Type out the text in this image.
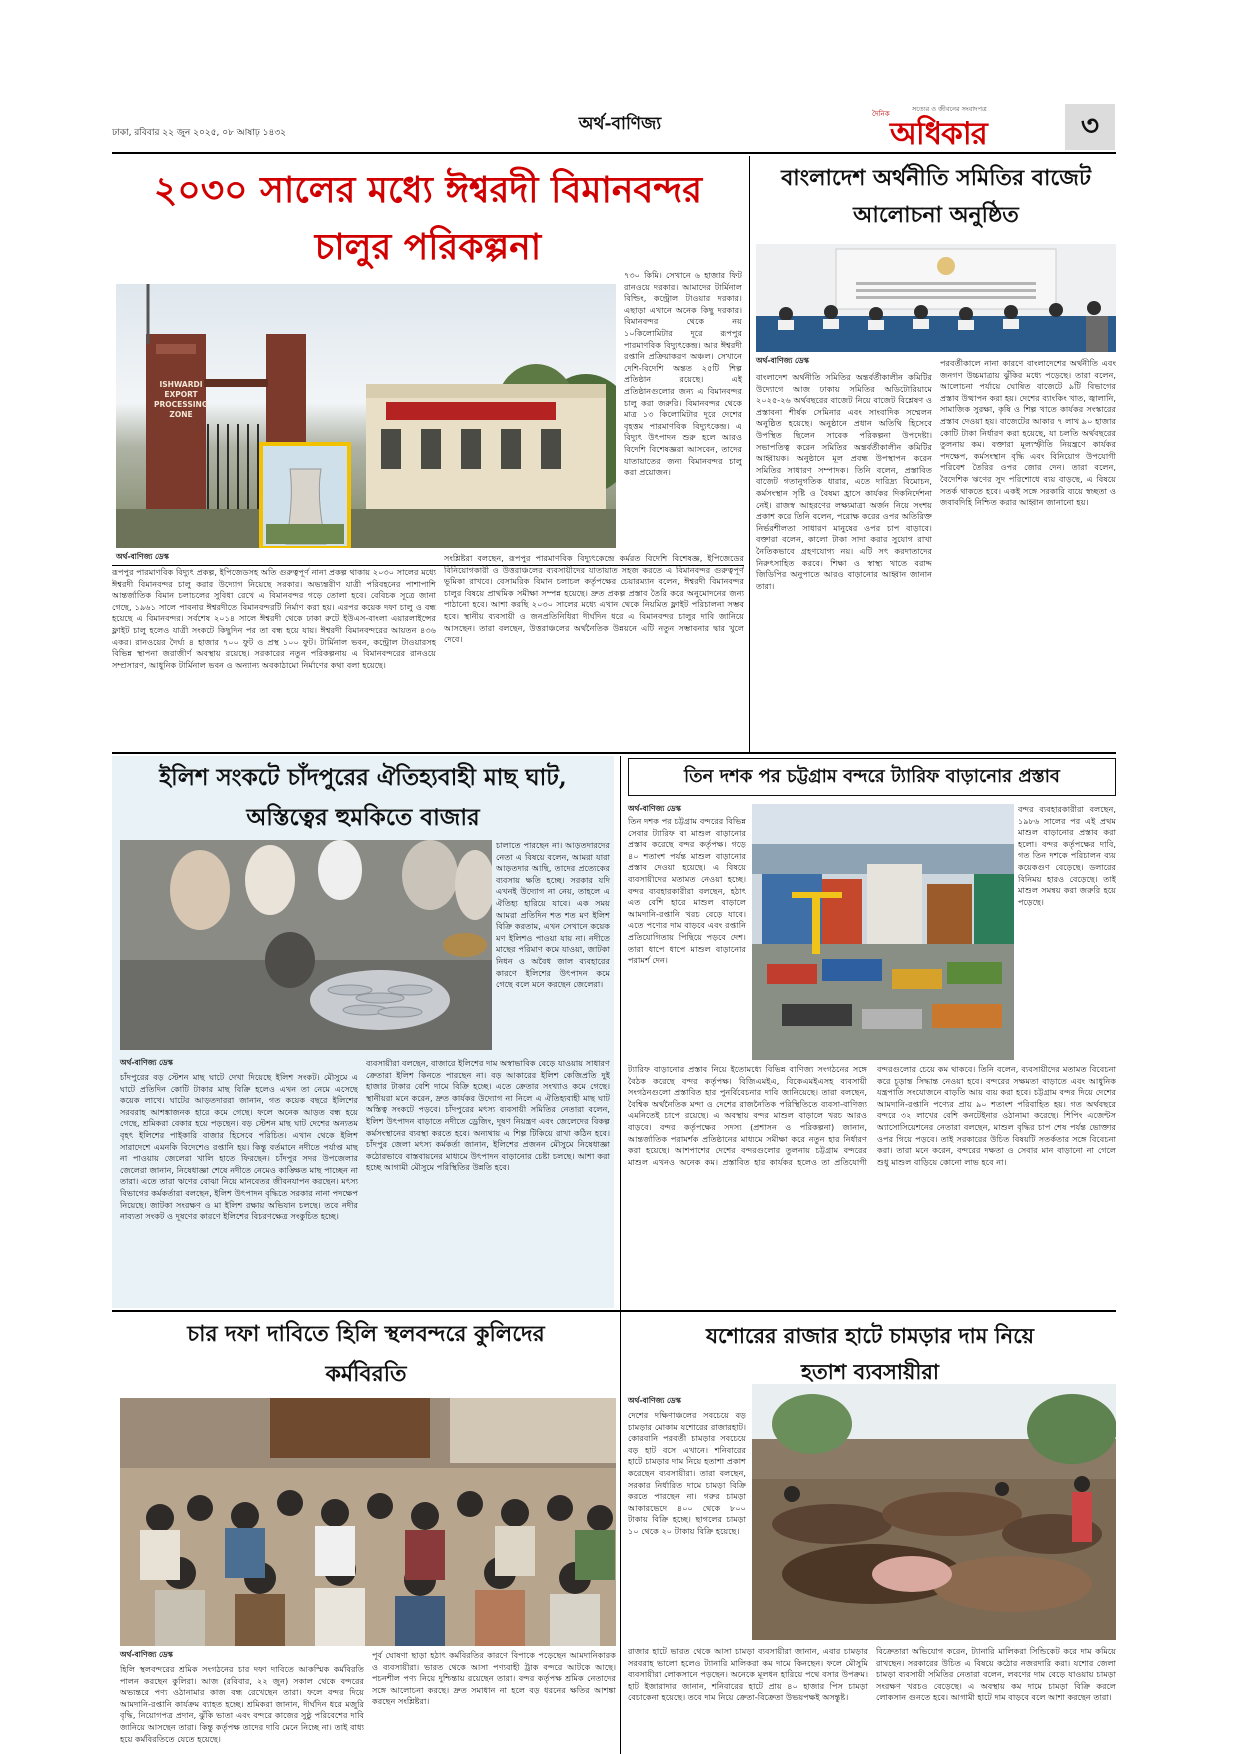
ঢাকা, রবিবার ২২ জুন ২০২৫, ০৮ আষাঢ় ১৪৩২	অর্থ-বাণিজ্য	দৈনিক
সত্যের ও জীবনের সংবাদপত্র
অধিকার	৩
২০৩০ সালের মধ্যে ঈশ্বরদী বিমানবন্দর
চালুর পরিকল্পনা
ISHWARDI
EXPORT PROCESSING
ZONE
অর্থ-বাণিজ্য ডেস্ক
৭৩০ কিমি। সেখানে ৬ হাজার ফিট রানওয়ে দরকার। আমাদের টার্মিনাল বিল্ডিং, কন্ট্রোল টাওয়ার দরকার। এছাড়া এখানে অনেক কিছু দরকার। বিমানবন্দর থেকে নয় ১০কিলোমিটার দূরে রূপপুর পারমাণবিক বিদ্যুৎকেন্দ্র। আর ঈশ্বরদী রপ্তানি প্রক্রিয়াকরণ অঞ্চল। সেখানে দেশি-বিদেশি অন্তত ২৫টি শিল্প প্রতিষ্ঠান রয়েছে। এই প্রতিষ্ঠানগুলোর জন্য এ বিমানবন্দর চালু করা জরুরি। বিমানবন্দর থেকে মাত্র ১৩ কিলোমিটার দূরে দেশের বৃহত্তম পারমাণবিক বিদ্যুৎকেন্দ্র। এ বিদ্যুৎ উৎপাদন শুরু হলে আরও বিদেশি বিশেষজ্ঞরা আসবেন, তাদের যাতায়াতের জন্য বিমানবন্দর চালু করা প্রয়োজন।
রূপপুর পারমাণবিক বিদ্যুৎ প্রকল্প, ইপিজেডসহ অতি গুরুত্বপূর্ণ নানা প্রকল্প থাকায় ২০৩০ সালের মধ্যে ঈশ্বরদী বিমানবন্দর চালু করার উদ্যোগ নিয়েছে সরকার। অভ্যন্তরীণ যাত্রী পরিবহনের পাশাপাশি আন্তর্জাতিক বিমান চলাচলের সুবিধা রেখে এ বিমানবন্দর গড়ে তোলা হবে। বেবিচক সূত্রে জানা গেছে, ১৯৬১ সালে পাবনার ঈশ্বরদীতে বিমানবন্দরটি নির্মাণ করা হয়। এরপর কয়েক দফা চালু ও বন্ধ হয়েছে এ বিমানবন্দর। সর্বশেষ ২০১৪ সালে ঈশ্বরদী থেকে ঢাকা রুটে ইউএস-বাংলা এয়ারলাইন্সের ফ্লাইট চালু হলেও যাত্রী সংকটে কিছুদিন পর তা বন্ধ হয়ে যায়। ঈশ্বরদী বিমানবন্দরের আয়তন ৪৩৬ একর। রানওয়ের দৈর্ঘ্য ৪ হাজার ৭০০ ফুট ও প্রস্থ ১০০ ফুট। টার্মিনাল ভবন, কন্ট্রোল টাওয়ারসহ বিভিন্ন স্থাপনা জরাজীর্ণ অবস্থায় রয়েছে। সরকারের নতুন পরিকল্পনায় এ বিমানবন্দরের রানওয়ে সম্প্রসারণ, আধুনিক টার্মিনাল ভবন ও অন্যান্য অবকাঠামো নির্মাণের কথা বলা হয়েছে।
সংশ্লিষ্টরা বলছেন, রূপপুর পারমাণবিক বিদ্যুৎকেন্দ্রে কর্মরত বিদেশি বিশেষজ্ঞ, ইপিজেডের বিনিয়োগকারী ও উত্তরাঞ্চলের ব্যবসায়ীদের যাতায়াত সহজ করতে এ বিমানবন্দর গুরুত্বপূর্ণ ভূমিকা রাখবে। বেসামরিক বিমান চলাচল কর্তৃপক্ষের চেয়ারম্যান বলেন, ঈশ্বরদী বিমানবন্দর চালুর বিষয়ে প্রাথমিক সমীক্ষা সম্পন্ন হয়েছে। দ্রুত প্রকল্প প্রস্তাব তৈরি করে অনুমোদনের জন্য পাঠানো হবে। আশা করছি ২০৩০ সালের মধ্যে এখান থেকে নিয়মিত ফ্লাইট পরিচালনা সম্ভব হবে। স্থানীয় ব্যবসায়ী ও জনপ্রতিনিধিরা দীর্ঘদিন ধরে এ বিমানবন্দর চালুর দাবি জানিয়ে আসছেন। তারা বলছেন, উত্তরাঞ্চলের অর্থনৈতিক উন্নয়নে এটি নতুন সম্ভাবনার দ্বার খুলে দেবে।
বাংলাদেশ অর্থনীতি সমিতির বাজেট
আলোচনা অনুষ্ঠিত
অর্থ-বাণিজ্য ডেস্ক
বাংলাদেশ অর্থনীতি সমিতির অন্তর্বর্তীকালীন কমিটির উদ্যোগে আজ ঢাকায় সমিতির অডিটোরিয়ামে ২০২৫-২৬ অর্থবছরের বাজেট নিয়ে বাজেট বিশ্লেষণ ও প্রস্তাবনা শীর্ষক সেমিনার এবং সাংবাদিক সম্মেলন অনুষ্ঠিত হয়েছে। অনুষ্ঠানে প্রধান অতিথি হিসেবে উপস্থিত ছিলেন সাবেক পরিকল্পনা উপদেষ্টা। সভাপতিত্ব করেন সমিতির অন্তর্বর্তীকালীন কমিটির আহ্বায়ক। অনুষ্ঠানে মূল প্রবন্ধ উপস্থাপন করেন সমিতির সাধারণ সম্পাদক। তিনি বলেন, প্রস্তাবিত বাজেট গতানুগতিক ধারার, এতে দারিদ্র্য বিমোচন, কর্মসংস্থান সৃষ্টি ও বৈষম্য হ্রাসে কার্যকর দিকনির্দেশনা নেই। রাজস্ব আহরণের লক্ষ্যমাত্রা অর্জন নিয়ে সংশয় প্রকাশ করে তিনি বলেন, পরোক্ষ করের ওপর অতিরিক্ত নির্ভরশীলতা সাধারণ মানুষের ওপর চাপ বাড়াবে। বক্তারা বলেন, কালো টাকা সাদা করার সুযোগ রাখা নৈতিকভাবে গ্রহণযোগ্য নয়। এটি সৎ করদাতাদের নিরুৎসাহিত করবে। শিক্ষা ও স্বাস্থ্য খাতে বরাদ্দ জিডিপির অনুপাতে আরও বাড়ানোর আহ্বান জানান তারা।
পরবর্তীকালে নানা কারণে বাংলাদেশের অর্থনীতি এবং জনগণ উচ্চমাত্রায় ঝুঁকির মধ্যে পড়েছে। তারা বলেন, আলোচনা পর্যায়ে ঘোষিত বাজেটে ৯টি বিভাগের প্রস্তাব উত্থাপন করা হয়। দেশের ব্যাংকিং খাত, জ্বালানি, সামাজিক সুরক্ষা, কৃষি ও শিল্প খাতে কার্যকর সংস্কারের প্রস্তাব দেওয়া হয়। বাজেটের আকার ৭ লাখ ৯০ হাজার কোটি টাকা নির্ধারণ করা হয়েছে, যা চলতি অর্থবছরের তুলনায় কম। বক্তারা মূল্যস্ফীতি নিয়ন্ত্রণে কার্যকর পদক্ষেপ, কর্মসংস্থান বৃদ্ধি এবং বিনিয়োগ উপযোগী পরিবেশ তৈরির ওপর জোর দেন। তারা বলেন, বৈদেশিক ঋণের সুদ পরিশোধে ব্যয় বাড়ছে, এ বিষয়ে সতর্ক থাকতে হবে। একই সঙ্গে সরকারি ব্যয়ে স্বচ্ছতা ও জবাবদিহি নিশ্চিত করার আহ্বান জানানো হয়।
ইলিশ সংকটে চাঁদপুরের ঐতিহ্যবাহী মাছ ঘাট,
অস্তিত্বের হুমকিতে বাজার
চালাতে পারছেন না। আড়তদারদের নেতা এ বিষয়ে বলেন, আমরা যারা আড়তদার আছি, তাদের প্রত্যেকের ব্যবসায় ক্ষতি হচ্ছে। সরকার যদি এখনই উদ্যোগ না নেয়, তাহলে এ ঐতিহ্য হারিয়ে যাবে। এক সময় আমরা প্রতিদিন শত শত মণ ইলিশ বিক্রি করতাম, এখন সেখানে কয়েক মণ ইলিশও পাওয়া যায় না। নদীতে মাছের পরিমাণ কমে যাওয়া, জাটকা নিধন ও অবৈধ জাল ব্যবহারের কারণে ইলিশের উৎপাদন কমে গেছে বলে মনে করছেন জেলেরা।
অর্থ-বাণিজ্য ডেস্ক
চাঁদপুরের বড় স্টেশন মাছ ঘাটে দেখা দিয়েছে ইলিশ সংকট। মৌসুমে এ ঘাটে প্রতিদিন কোটি টাকার মাছ বিক্রি হলেও এখন তা নেমে এসেছে কয়েক লাখে। ঘাটের আড়তদাররা জানান, গত কয়েক বছরে ইলিশের সরবরাহ আশঙ্কাজনক হারে কমে গেছে। ফলে অনেক আড়ত বন্ধ হয়ে গেছে, শ্রমিকরা বেকার হয়ে পড়ছেন। বড় স্টেশন মাছ ঘাট দেশের অন্যতম বৃহৎ ইলিশের পাইকারি বাজার হিসেবে পরিচিত। এখান থেকে ইলিশ সারাদেশে এমনকি বিদেশেও রপ্তানি হয়। কিন্তু বর্তমানে নদীতে পর্যাপ্ত মাছ না পাওয়ায় জেলেরা খালি হাতে ফিরছেন। চাঁদপুর সদর উপজেলার জেলেরা জানান, নিষেধাজ্ঞা শেষে নদীতে নেমেও কাঙ্ক্ষিত মাছ পাচ্ছেন না তারা। এতে তারা ঋণের বোঝা নিয়ে মানবেতর জীবনযাপন করছেন। মৎস্য বিভাগের কর্মকর্তারা বলছেন, ইলিশ উৎপাদন বৃদ্ধিতে সরকার নানা পদক্ষেপ নিয়েছে। জাটকা সংরক্ষণ ও মা ইলিশ রক্ষায় অভিযান চলছে। তবে নদীর নাব্যতা সংকট ও দূষণের কারণে ইলিশের বিচরণক্ষেত্র সংকুচিত হচ্ছে।
ব্যবসায়ীরা বলছেন, বাজারে ইলিশের দাম অস্বাভাবিক বেড়ে যাওয়ায় সাধারণ ক্রেতারা ইলিশ কিনতে পারছেন না। বড় আকারের ইলিশ কেজিপ্রতি দুই হাজার টাকার বেশি দামে বিক্রি হচ্ছে। এতে ক্রেতার সংখ্যাও কমে গেছে। স্থানীয়রা মনে করেন, দ্রুত কার্যকর উদ্যোগ না নিলে এ ঐতিহ্যবাহী মাছ ঘাট অস্তিত্ব সংকটে পড়বে। চাঁদপুরের মৎস্য ব্যবসায়ী সমিতির নেতারা বলেন, ইলিশ উৎপাদন বাড়াতে নদীতে ড্রেজিং, দূষণ নিয়ন্ত্রণ এবং জেলেদের বিকল্প কর্মসংস্থানের ব্যবস্থা করতে হবে। অন্যথায় এ শিল্প টিকিয়ে রাখা কঠিন হবে। চাঁদপুর জেলা মৎস্য কর্মকর্তা জানান, ইলিশের প্রজনন মৌসুমে নিষেধাজ্ঞা কঠোরভাবে বাস্তবায়নের মাধ্যমে উৎপাদন বাড়ানোর চেষ্টা চলছে। আশা করা হচ্ছে আগামী মৌসুমে পরিস্থিতির উন্নতি হবে।
তিন দশক পর চট্টগ্রাম বন্দরে ট্যারিফ বাড়ানোর প্রস্তাব
অর্থ-বাণিজ্য ডেস্ক
তিন দশক পর চট্টগ্রাম বন্দরের বিভিন্ন সেবার ট্যারিফ বা মাশুল বাড়ানোর প্রস্তাব করেছে বন্দর কর্তৃপক্ষ। গড়ে ৪০ শতাংশ পর্যন্ত মাশুল বাড়ানোর প্রস্তাব দেওয়া হয়েছে। এ বিষয়ে ব্যবসায়ীদের মতামত নেওয়া হচ্ছে। বন্দর ব্যবহারকারীরা বলছেন, হঠাৎ এত বেশি হারে মাশুল বাড়ালে আমদানি-রপ্তানি খরচ বেড়ে যাবে। এতে পণ্যের দাম বাড়বে এবং রপ্তানি প্রতিযোগিতায় পিছিয়ে পড়বে দেশ। তারা ধাপে ধাপে মাশুল বাড়ানোর পরামর্শ দেন।
বন্দর ব্যবহারকারীরা বলছেন, ১৯৮৬ সালের পর এই প্রথম মাশুল বাড়ানোর প্রস্তাব করা হলো। বন্দর কর্তৃপক্ষের দাবি, গত তিন দশকে পরিচালন ব্যয় কয়েকগুণ বেড়েছে। ডলারের বিনিময় হারও বেড়েছে। তাই মাশুল সমন্বয় করা জরুরি হয়ে পড়েছে।
ট্যারিফ বাড়ানোর প্রস্তাব নিয়ে ইতোমধ্যে বিভিন্ন বাণিজ্য সংগঠনের সঙ্গে বৈঠক করেছে বন্দর কর্তৃপক্ষ। বিজিএমইএ, বিকেএমইএসহ ব্যবসায়ী সংগঠনগুলো প্রস্তাবিত হার পুনর্বিবেচনার দাবি জানিয়েছে। তারা বলছেন, বৈশ্বিক অর্থনৈতিক মন্দা ও দেশের রাজনৈতিক পরিস্থিতিতে ব্যবসা-বাণিজ্য এমনিতেই চাপে রয়েছে। এ অবস্থায় বন্দর মাশুল বাড়ালে খরচ আরও বাড়বে। বন্দর কর্তৃপক্ষের সদস্য (প্রশাসন ও পরিকল্পনা) জানান, আন্তর্জাতিক পরামর্শক প্রতিষ্ঠানের মাধ্যমে সমীক্ষা করে নতুন হার নির্ধারণ করা হয়েছে। আশপাশের দেশের বন্দরগুলোর তুলনায় চট্টগ্রাম বন্দরের মাশুল এখনও অনেক কম। প্রস্তাবিত হার কার্যকর হলেও তা প্রতিযোগী বন্দরগুলোর চেয়ে কম থাকবে। তিনি বলেন, ব্যবসায়ীদের মতামত বিবেচনা করে চূড়ান্ত সিদ্ধান্ত নেওয়া হবে। বন্দরের সক্ষমতা বাড়াতে এবং আধুনিক যন্ত্রপাতি সংযোজনে বাড়তি আয় ব্যয় করা হবে। চট্টগ্রাম বন্দর দিয়ে দেশের আমদানি-রপ্তানি পণ্যের প্রায় ৯০ শতাংশ পরিবাহিত হয়। গত অর্থবছরে বন্দরে ৩২ লাখের বেশি কনটেইনার ওঠানামা করেছে। শিপিং এজেন্টস অ্যাসোসিয়েশনের নেতারা বলছেন, মাশুল বৃদ্ধির চাপ শেষ পর্যন্ত ভোক্তার ওপর গিয়ে পড়বে। তাই সরকারের উচিত বিষয়টি সতর্কতার সঙ্গে বিবেচনা করা। তারা মনে করেন, বন্দরের দক্ষতা ও সেবার মান বাড়ানো না গেলে শুধু মাশুল বাড়িয়ে কোনো লাভ হবে না।
চার দফা দাবিতে হিলি স্থলবন্দরে কুলিদের
কর্মবিরতি
অর্থ-বাণিজ্য ডেস্ক
হিলি স্থলবন্দরের শ্রমিক সংগঠনের চার দফা দাবিতে আকস্মিক কর্মবিরতি পালন করছেন কুলিরা। আজ (রবিবার, ২২ জুন) সকাল থেকে বন্দরের অভ্যন্তরে পণ্য ওঠানামার কাজ বন্ধ রেখেছেন তারা। ফলে বন্দর দিয়ে আমদানি-রপ্তানি কার্যক্রম ব্যাহত হচ্ছে। শ্রমিকরা জানান, দীর্ঘদিন ধরে মজুরি বৃদ্ধি, নিয়োগপত্র প্রদান, ঝুঁকি ভাতা এবং বন্দরে কাজের সুষ্ঠু পরিবেশের দাবি জানিয়ে আসছেন তারা। কিন্তু কর্তৃপক্ষ তাদের দাবি মেনে নিচ্ছে না। তাই বাধ্য হয়ে কর্মবিরতিতে যেতে হয়েছে।
পূর্ব ঘোষণা ছাড়া হঠাৎ কর্মবিরতির কারণে বিপাকে পড়েছেন আমদানিকারক ও ব্যবসায়ীরা। ভারত থেকে আসা পণ্যবাহী ট্রাক বন্দরে আটকে আছে। পচনশীল পণ্য নিয়ে দুশ্চিন্তায় রয়েছেন তারা। বন্দর কর্তৃপক্ষ শ্রমিক নেতাদের সঙ্গে আলোচনা করছে। দ্রুত সমাধান না হলে বড় ধরনের ক্ষতির আশঙ্কা করছেন সংশ্লিষ্টরা।
যশোরের রাজার হাটে চামড়ার দাম নিয়ে
হতাশ ব্যবসায়ীরা
অর্থ-বাণিজ্য ডেস্ক
দেশের দক্ষিণাঞ্চলের সবচেয়ে বড় চামড়ার মোকাম যশোরের রাজারহাট। কোরবানি পরবর্তী চামড়ার সবচেয়ে বড় হাট বসে এখানে। শনিবারের হাটে চামড়ার দাম নিয়ে হতাশা প্রকাশ করেছেন ব্যবসায়ীরা। তারা বলছেন, সরকার নির্ধারিত দামে চামড়া বিক্রি করতে পারছেন না। গরুর চামড়া আকারভেদে ৪০০ থেকে ৮০০ টাকায় বিক্রি হচ্ছে। ছাগলের চামড়া ১০ থেকে ২০ টাকায় বিক্রি হয়েছে।
রাজার হাটে ভারত থেকে আসা চামড়া ব্যবসায়ীরা জানান, এবার চামড়ার সরবরাহ ভালো হলেও ট্যানারি মালিকরা কম দামে কিনছেন। ফলে মৌসুমি ব্যবসায়ীরা লোকসানে পড়ছেন। অনেকে মূলধন হারিয়ে পথে বসার উপক্রম। হাট ইজারাদার জানান, শনিবারের হাটে প্রায় ৪০ হাজার পিস চামড়া বেচাকেনা হয়েছে। তবে দাম নিয়ে ক্রেতা-বিক্রেতা উভয়পক্ষই অসন্তুষ্ট।
বিক্রেতারা অভিযোগ করেন, ট্যানারি মালিকরা সিন্ডিকেট করে দাম কমিয়ে রাখছেন। সরকারের উচিত এ বিষয়ে কঠোর নজরদারি করা। যশোর জেলা চামড়া ব্যবসায়ী সমিতির নেতারা বলেন, লবণের দাম বেড়ে যাওয়ায় চামড়া সংরক্ষণ খরচও বেড়েছে। এ অবস্থায় কম দামে চামড়া বিক্রি করলে লোকসান গুনতে হবে। আগামী হাটে দাম বাড়বে বলে আশা করছেন তারা।
